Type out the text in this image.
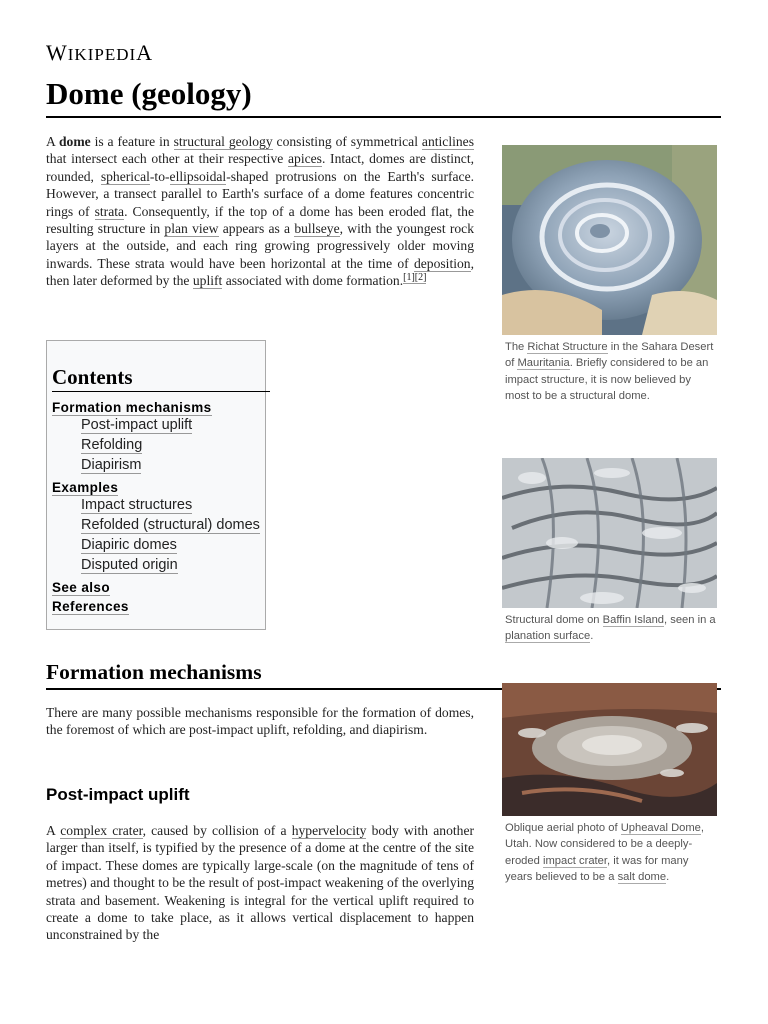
WIKIPEDIA
Dome (geology)
A dome is a feature in structural geology consisting of symmetrical anticlines that intersect each other at their respective apices. Intact, domes are distinct, rounded, spherical-to-ellipsoidal-shaped protrusions on the Earth's surface. However, a transect parallel to Earth's surface of a dome features concentric rings of strata. Consequently, if the top of a dome has been eroded flat, the resulting structure in plan view appears as a bullseye, with the youngest rock layers at the outside, and each ring growing progressively older moving inwards. These strata would have been horizontal at the time of deposition, then later deformed by the uplift associated with dome formation.[1][2]
Contents
Formation mechanisms
Post-impact uplift
Refolding
Diapirism
Examples
Impact structures
Refolded (structural) domes
Diapiric domes
Disputed origin
See also
References
Formation mechanisms
There are many possible mechanisms responsible for the formation of domes, the foremost of which are post-impact uplift, refolding, and diapirism.
Post-impact uplift
A complex crater, caused by collision of a hypervelocity body with another larger than itself, is typified by the presence of a dome at the centre of the site of impact. These domes are typically large-scale (on the magnitude of tens of metres) and thought to be the result of post-impact weakening of the overlying strata and basement. Weakening is integral for the vertical uplift required to create a dome to take place, as it allows vertical displacement to happen unconstrained by the
The Richat Structure in the Sahara Desert of Mauritania. Briefly considered to be an impact structure, it is now believed by most to be a structural dome.
Structural dome on Baffin Island, seen in a planation surface.
Oblique aerial photo of Upheaval Dome, Utah. Now considered to be a deeply-eroded impact crater, it was for many years believed to be a salt dome.
